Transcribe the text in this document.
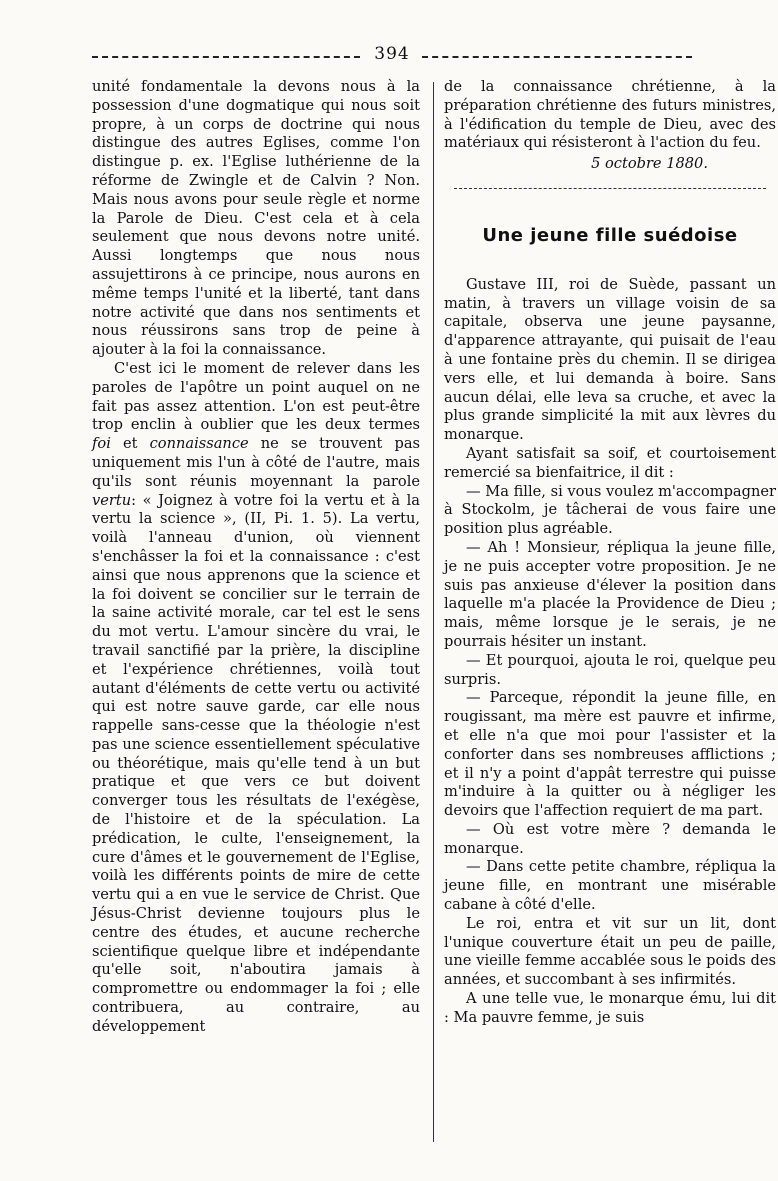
394

unité fondamentale la devons nous à la possession d'une dogmatique qui nous soit propre, à un corps de doctrine qui nous distingue des autres Eglises, comme l'on distingue p. ex. l'Eglise luthérienne de la réforme de Zwingle et de Calvin ? Non. Mais nous avons pour seule règle et norme la Parole de Dieu. C'est cela et à cela seulement que nous devons notre unité. Aussi longtemps que nous nous assujettirons à ce principe, nous aurons en même temps l'unité et la liberté, tant dans notre activité que dans nos sentiments et nous réussirons sans trop de peine à ajouter à la foi la connaissance.

C'est ici le moment de relever dans les paroles de l'apôtre un point auquel on ne fait pas assez attention. L'on est peut-être trop enclin à oublier que les deux termes foi et connaissance ne se trouvent pas uniquement mis l'un à côté de l'autre, mais qu'ils sont réunis moyennant la parole vertu: « Joignez à votre foi la vertu et à la vertu la science », (II, Pi. 1. 5). La vertu, voilà l'anneau d'union, où viennent s'enchâsser la foi et la connaissance : c'est ainsi que nous apprenons que la science et la foi doivent se concilier sur le terrain de la saine activité morale, car tel est le sens du mot vertu. L'amour sincère du vrai, le travail sanctifié par la prière, la discipline et l'expérience chrétiennes, voilà tout autant d'éléments de cette vertu ou activité qui est notre sauve garde, car elle nous rappelle sans-cesse que la théologie n'est pas une science essentiellement spéculative ou théorétique, mais qu'elle tend à un but pratique et que vers ce but doivent converger tous les résultats de l'exégèse, de l'histoire et de la spéculation. La prédication, le culte, l'enseignement, la cure d'âmes et le gouvernement de l'Eglise, voilà les différents points de mire de cette vertu qui a en vue le service de Christ. Que Jésus-Christ devienne toujours plus le centre des études, et aucune recherche scientifique quelque libre et indépendante qu'elle soit, n'aboutira jamais à compromettre ou endommager la foi ; elle contribuera, au contraire, au développement

de la connaissance chrétienne, à la préparation chrétienne des futurs ministres, à l'édification du temple de Dieu, avec des matériaux qui résisteront à l'action du feu.

5 octobre 1880.

Une jeune fille suédoise

Gustave III, roi de Suède, passant un matin, à travers un village voisin de sa capitale, observa une jeune paysanne, d'apparence attrayante, qui puisait de l'eau à une fontaine près du chemin. Il se dirigea vers elle, et lui demanda à boire. Sans aucun délai, elle leva sa cruche, et avec la plus grande simplicité la mit aux lèvres du monarque.

Ayant satisfait sa soif, et courtoisement remercié sa bienfaitrice, il dit :

— Ma fille, si vous voulez m'accompagner à Stockolm, je tâcherai de vous faire une position plus agréable.

— Ah ! Monsieur, répliqua la jeune fille, je ne puis accepter votre proposition. Je ne suis pas anxieuse d'élever la position dans laquelle m'a placée la Providence de Dieu ; mais, même lorsque je le serais, je ne pourrais hésiter un instant.

— Et pourquoi, ajouta le roi, quelque peu surpris.

— Parceque, répondit la jeune fille, en rougissant, ma mère est pauvre et infirme, et elle n'a que moi pour l'assister et la conforter dans ses nombreuses afflictions ; et il n'y a point d'appât terrestre qui puisse m'induire à la quitter ou à négliger les devoirs que l'affection requiert de ma part.

— Où est votre mère ? demanda le monarque.

— Dans cette petite chambre, répliqua la jeune fille, en montrant une misérable cabane à côté d'elle.

Le roi, entra et vit sur un lit, dont l'unique couverture était un peu de paille, une vieille femme accablée sous le poids des années, et succombant à ses infirmités.

A une telle vue, le monarque ému, lui dit : Ma pauvre femme, je suis
